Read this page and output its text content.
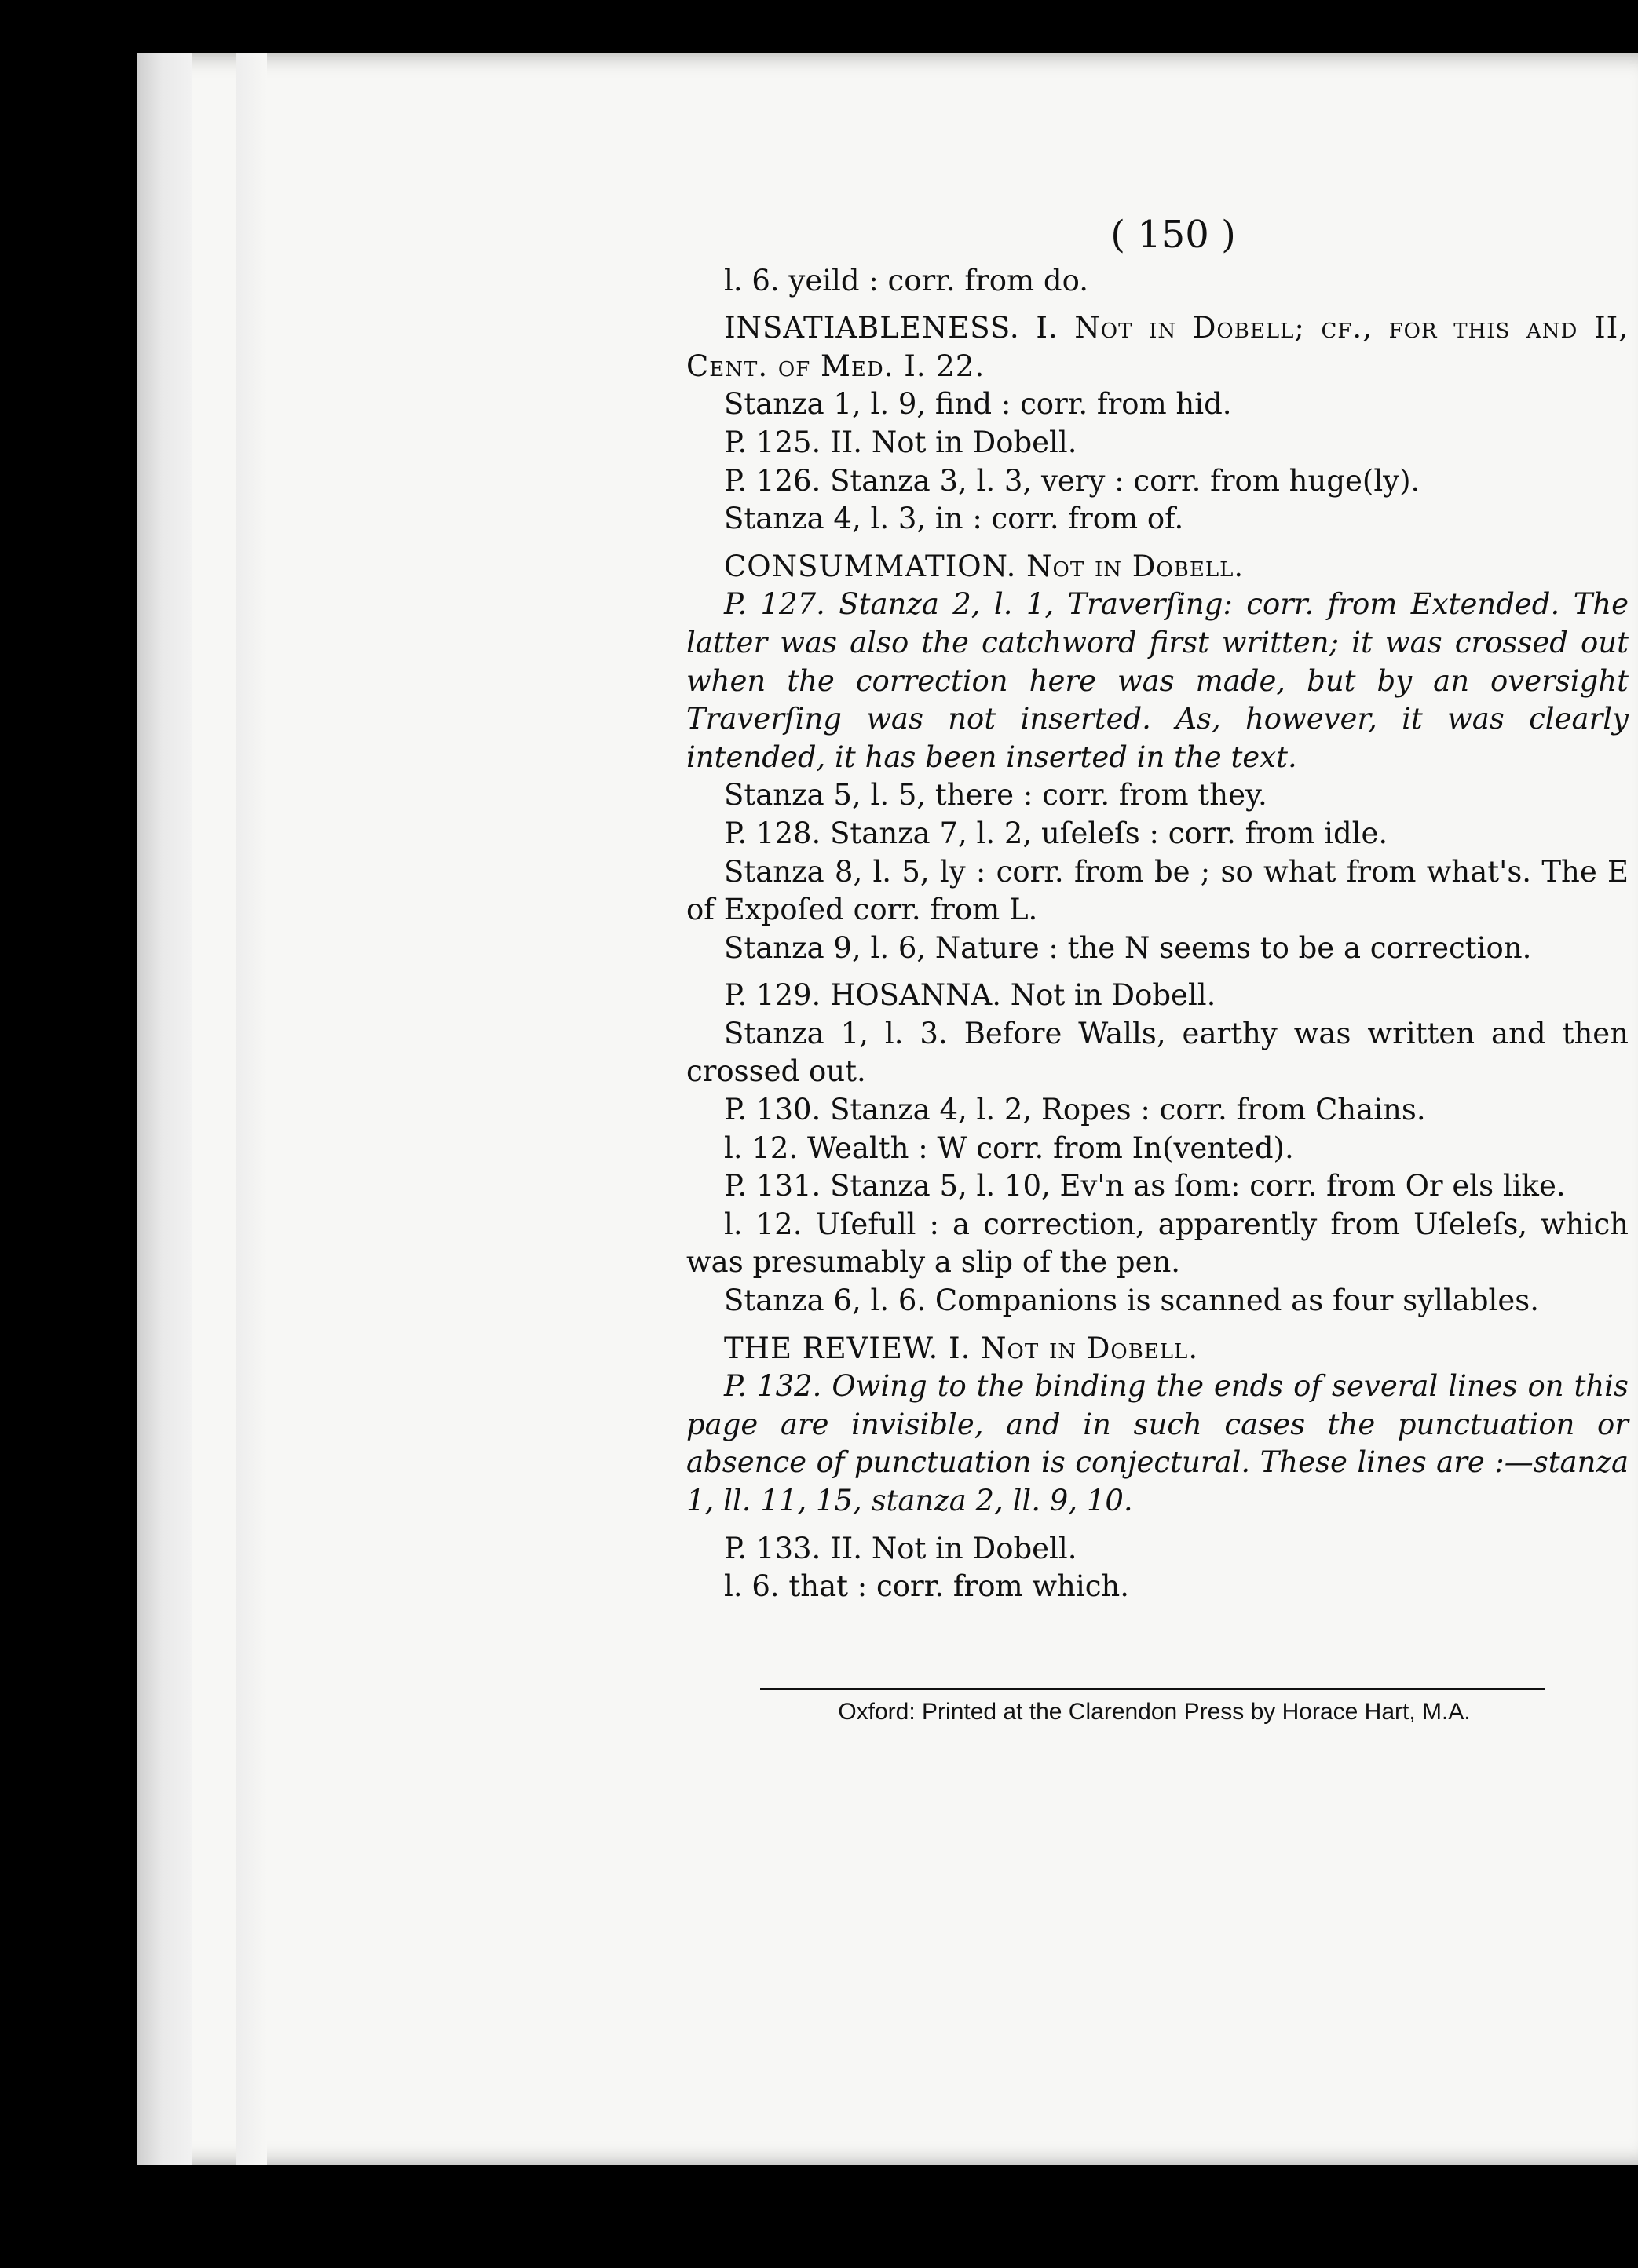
( 150 )

l. 6. yeild : corr. from do.

INSATIABLENESS. I. Not in Dobell; cf., for this and II, Cent. of Med. I. 22.

Stanza 1, l. 9, find : corr. from hid.

P. 125. II. Not in Dobell.

P. 126. Stanza 3, l. 3, very : corr. from huge(ly).

Stanza 4, l. 3, in : corr. from of.

CONSUMMATION. Not in Dobell.

P. 127. Stanza 2, l. 1, Traverſing: corr. from Extended. The latter was also the catchword first written; it was crossed out when the correction here was made, but by an oversight Traverſing was not inserted. As, however, it was clearly intended, it has been inserted in the text.

Stanza 5, l. 5, there : corr. from they.

P. 128. Stanza 7, l. 2, uſeleſs : corr. from idle.

Stanza 8, l. 5, ly : corr. from be ; so what from what's. The E of Expoſed corr. from L.

Stanza 9, l. 6, Nature : the N seems to be a correction.

P. 129. HOSANNA. Not in Dobell.

Stanza 1, l. 3. Before Walls, earthy was written and then crossed out.

P. 130. Stanza 4, l. 2, Ropes : corr. from Chains.

l. 12. Wealth : W corr. from In(vented).

P. 131. Stanza 5, l. 10, Ev'n as ſom: corr. from Or els like.

l. 12. Uſefull : a correction, apparently from Uſeleſs, which was presumably a slip of the pen.

Stanza 6, l. 6. Companions is scanned as four syllables.

THE REVIEW. I. Not in Dobell.

P. 132. Owing to the binding the ends of several lines on this page are invisible, and in such cases the punctuation or absence of punctuation is conjectural. These lines are :—stanza 1, ll. 11, 15, stanza 2, ll. 9, 10.

P. 133. II. Not in Dobell.

l. 6. that : corr. from which.

Oxford: Printed at the Clarendon Press by Horace Hart, M.A.
